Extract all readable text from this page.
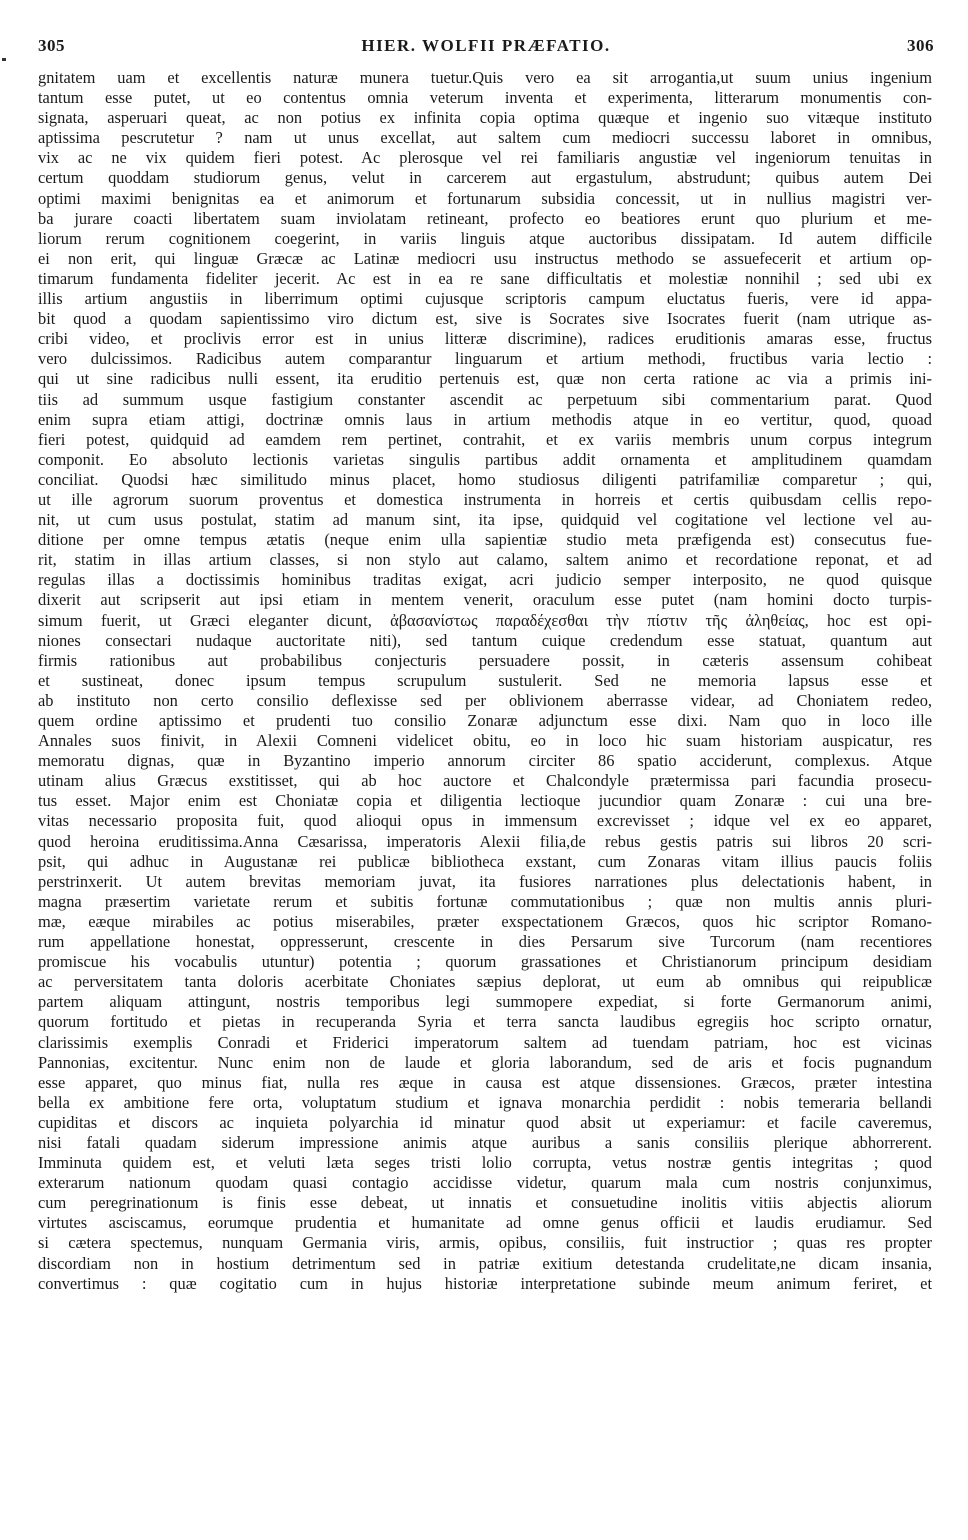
305	HIER. WOLFII PRÆFATIO.	306
gnitatem uam et excellentis naturæ munera tuetur.Quis vero ea sit arrogantia,ut suum unius ingenium
tantum esse putet, ut eo contentus omnia veterum inventa et experimenta, litterarum monumentis con-
signata, asperuari queat, ac non potius ex infinita copia optima quæque et ingenio suo vitæque instituto
aptissima pescrutetur ? nam ut unus excellat, aut saltem cum mediocri successu laboret in omnibus,
vix ac ne vix quidem fieri potest. Ac plerosque vel rei familiaris angustiæ vel ingeniorum tenuitas in
certum quoddam studiorum genus, velut in carcerem aut ergastulum, abstrudunt; quibus autem Dei
optimi maximi benignitas ea et animorum et fortunarum subsidia concessit, ut in nullius magistri ver-
ba jurare coacti libertatem suam inviolatam retineant, profecto eo beatiores erunt quo plurium et me-
liorum rerum cognitionem coegerint, in variis linguis atque auctoribus dissipatam. Id autem difficile
ei non erit, qui linguæ Græcæ ac Latinæ mediocri usu instructus methodo se assuefecerit et artium op-
timarum fundamenta fideliter jecerit. Ac est in ea re sane difficultatis et molestiæ nonnihil ; sed ubi ex
illis artium angustiis in liberrimum optimi cujusque scriptoris campum eluctatus fueris, vere id appa-
bit quod a quodam sapientissimo viro dictum est, sive is Socrates sive Isocrates fuerit (nam utrique as-
cribi video, et proclivis error est in unius litteræ discrimine), radices eruditionis amaras esse, fructus
vero dulcissimos. Radicibus autem comparantur linguarum et artium methodi, fructibus varia lectio :
qui ut sine radicibus nulli essent, ita eruditio pertenuis est, quæ non certa ratione ac via a primis ini-
tiis ad summum usque fastigium constanter ascendit ac perpetuum sibi commentarium parat. Quod
enim supra etiam attigi, doctrinæ omnis laus in artium methodis atque in eo vertitur, quod, quoad
fieri potest, quidquid ad eamdem rem pertinet, contrahit, et ex variis membris unum corpus integrum
componit. Eo absoluto lectionis varietas singulis partibus addit ornamenta et amplitudinem quamdam
conciliat. Quodsi hæc similitudo minus placet, homo studiosus diligenti patrifamiliæ comparetur ; qui,
ut ille agrorum suorum proventus et domestica instrumenta in horreis et certis quibusdam cellis repo-
nit, ut cum usus postulat, statim ad manum sint, ita ipse, quidquid vel cogitatione vel lectione vel au-
ditione per omne tempus ætatis (neque enim ulla sapientiæ studio meta præfigenda est) consecutus fue-
rit, statim in illas artium classes, si non stylo aut calamo, saltem animo et recordatione reponat, et ad
regulas illas a doctissimis hominibus traditas exigat, acri judicio semper interposito, ne quod quisque
dixerit aut scripserit aut ipsi etiam in mentem venerit, oraculum esse putet (nam homini docto turpis-
simum fuerit, ut Græci eleganter dicunt, ἀβασανίστως παραδέχεσθαι τὴν πίστιν τῆς ἀληθείας, hoc est opi-
niones consectari nudaque auctoritate niti), sed tantum cuique credendum esse statuat, quantum aut
firmis rationibus aut probabilibus conjecturis persuadere possit, in cæteris assensum cohibeat
et sustineat, donec ipsum tempus scrupulum sustulerit. Sed ne memoria lapsus esse et
ab instituto non certo consilio deflexisse sed per oblivionem aberrasse videar, ad Choniatem redeo,
quem ordine aptissimo et prudenti tuo consilio Zonaræ adjunctum esse dixi. Nam quo in loco ille
Annales suos finivit, in Alexii Comneni videlicet obitu, eo in loco hic suam historiam auspicatur, res
memoratu dignas, quæ in Byzantino imperio annorum circiter 86 spatio acciderunt, complexus. Atque
utinam alius Græcus exstitisset, qui ab hoc auctore et Chalcondyle prætermissa pari facundia prosecu-
tus esset. Major enim est Choniatæ copia et diligentia lectioque jucundior quam Zonaræ : cui una bre-
vitas necessario proposita fuit, quod alioqui opus in immensum excrevisset ; idque vel ex eo apparet,
quod heroina eruditissima.Anna Cæsarissa, imperatoris Alexii filia,de rebus gestis patris sui libros 20 scri-
psit, qui adhuc in Augustanæ rei publicæ bibliotheca exstant, cum Zonaras vitam illius paucis foliis
perstrinxerit. Ut autem brevitas memoriam juvat, ita fusiores narrationes plus delectationis habent, in
magna præsertim varietate rerum et subitis fortunæ commutationibus ; quæ non multis annis pluri-
mæ, eæque mirabiles ac potius miserabiles, præter exspectationem Græcos, quos hic scriptor Romano-
rum appellatione honestat, oppresserunt, crescente in dies Persarum sive Turcorum (nam recentiores
promiscue his vocabulis utuntur) potentia ; quorum grassationes et Christianorum principum desidiam
ac perversitatem tanta doloris acerbitate Choniates sæpius deplorat, ut eum ab omnibus qui reipublicæ
partem aliquam attingunt, nostris temporibus legi summopere expediat, si forte Germanorum animi,
quorum fortitudo et pietas in recuperanda Syria et terra sancta laudibus egregiis hoc scripto ornatur,
clarissimis exemplis Conradi et Friderici imperatorum saltem ad tuendam patriam, hoc est vicinas
Pannonias, excitentur. Nunc enim non de laude et gloria laborandum, sed de aris et focis pugnandum
esse apparet, quo minus fiat, nulla res æque in causa est atque dissensiones. Græcos, præter intestina
bella ex ambitione fere orta, voluptatum studium et ignava monarchia perdidit : nobis temeraria bellandi
cupiditas et discors ac inquieta polyarchia id minatur quod absit ut experiamur: et facile caveremus,
nisi fatali quadam siderum impressione animis atque auribus a sanis consiliis plerique abhorrerent.
Imminuta quidem est, et veluti læta seges tristi lolio corrupta, vetus nostræ gentis integritas ; quod
exterarum nationum quodam quasi contagio accidisse videtur, quarum mala cum nostris conjunximus,
cum peregrinationum is finis esse debeat, ut innatis et consuetudine inolitis vitiis abjectis aliorum
virtutes asciscamus, eorumque prudentia et humanitate ad omne genus officii et laudis erudiamur. Sed
si cætera spectemus, nunquam Germania viris, armis, opibus, consiliis, fuit instructior ; quas res propter
discordiam non in hostium detrimentum sed in patriæ exitium detestanda crudelitate,ne dicam insania,
convertimus : quæ cogitatio cum in hujus historiæ interpretatione subinde meum animum feriret, et
